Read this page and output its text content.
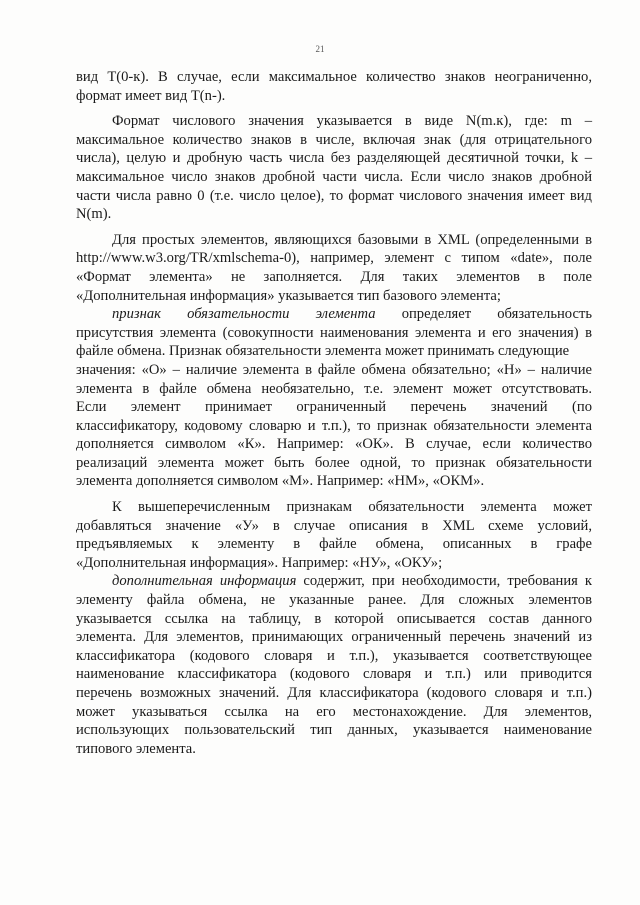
21

вид Т(0-к). В случае, если максимальное количество знаков неограниченно,
формат имеет вид Т(n-).

Формат числового значения указывается в виде N(m.к), где: m –
максимальное количество знаков в числе, включая знак (для отрицательного
числа), целую и дробную часть числа без разделяющей десятичной точки, k –
максимальное число знаков дробной части числа. Если число знаков дробной
части числа равно 0 (т.е. число целое), то формат числового значения имеет вид
N(m).

Для простых элементов, являющихся базовыми в XML (определенными в
http://www.w3.org/TR/xmlschema-0), например, элемент с типом «date», поле
«Формат элемента» не заполняется. Для таких элементов в поле
«Дополнительная информация» указывается тип базового элемента;

признак обязательности элемента определяет обязательность
присутствия элемента (совокупности наименования элемента и его значения) в
файле обмена. Признак обязательности элемента может принимать следующие
значения: «О» – наличие элемента в файле обмена обязательно; «Н» – наличие
элемента в файле обмена необязательно, т.е. элемент может отсутствовать.
Если элемент принимает ограниченный перечень значений (по
классификатору, кодовому словарю и т.п.), то признак обязательности элемента
дополняется символом «К». Например: «ОК». В случае, если количество
реализаций элемента может быть более одной, то признак обязательности
элемента дополняется символом «М». Например: «НМ», «ОКМ».

К вышеперечисленным признакам обязательности элемента может
добавляться значение «У» в случае описания в XML схеме условий,
предъявляемых к элементу в файле обмена, описанных в графе
«Дополнительная информация». Например: «НУ», «ОКУ»;

дополнительная информация содержит, при необходимости, требования к
элементу файла обмена, не указанные ранее. Для сложных элементов
указывается ссылка на таблицу, в которой описывается состав данного
элемента. Для элементов, принимающих ограниченный перечень значений из
классификатора (кодового словаря и т.п.), указывается соответствующее
наименование классификатора (кодового словаря и т.п.) или приводится
перечень возможных значений. Для классификатора (кодового словаря и т.п.)
может указываться ссылка на его местонахождение. Для элементов,
использующих пользовательский тип данных, указывается наименование
типового элемента.
